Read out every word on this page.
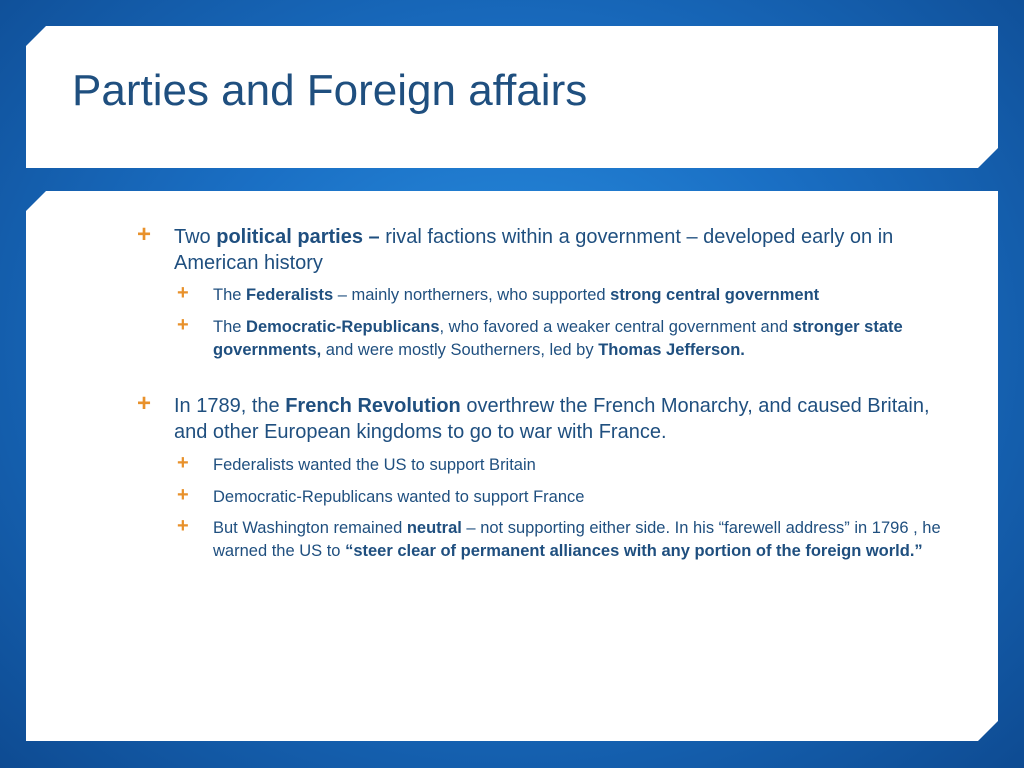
Parties and Foreign affairs
+ Two political parties – rival factions within a government – developed early on in American history
+ The Federalists – mainly northerners, who supported strong central government
+ The Democratic-Republicans, who favored a weaker central government and stronger state governments, and were mostly Southerners, led by Thomas Jefferson.
+ In 1789, the French Revolution overthrew the French Monarchy, and caused Britain, and other European kingdoms to go to war with France.
+ Federalists wanted the US to support Britain
+ Democratic-Republicans wanted to support France
+ But Washington remained neutral – not supporting either side. In his “farewell address” in 1796 , he warned the US to “steer clear of permanent alliances with any portion of the foreign world.”
